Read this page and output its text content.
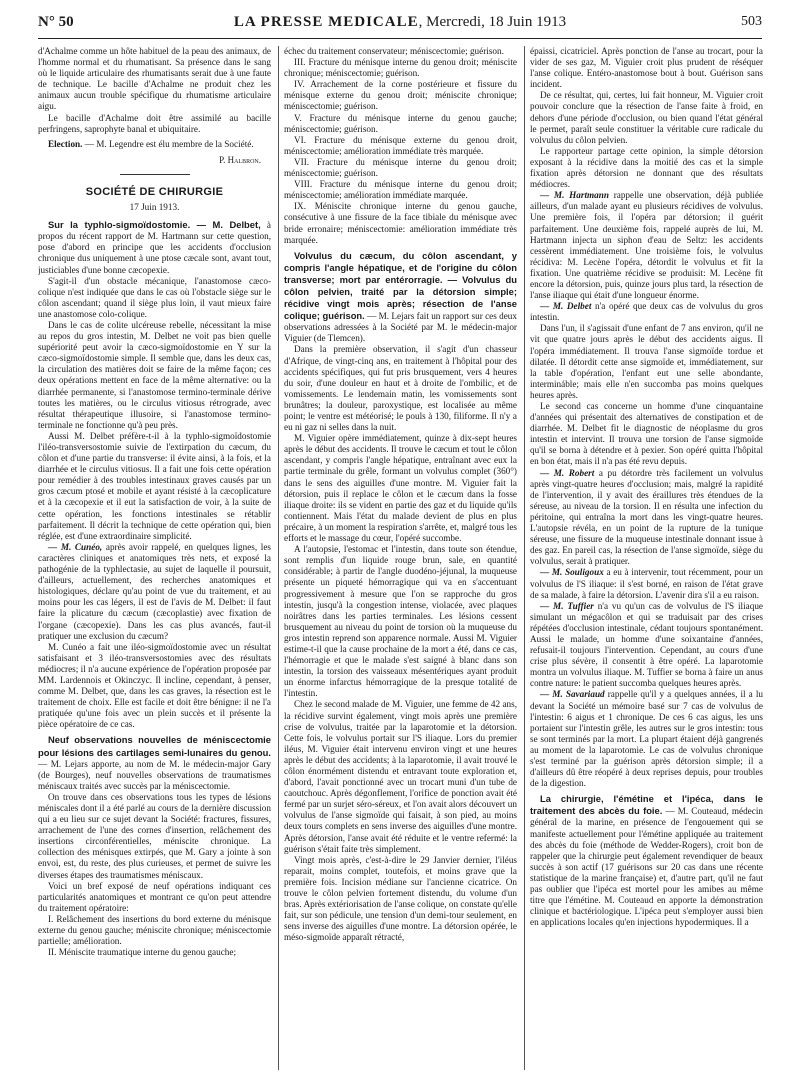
N° 50	LA PRESSE MEDICALE, Mercredi, 18 Juin 1913	503

d'Achalme comme un hôte habituel de la peau des animaux, de l'homme normal et du rhumatisant. Sa présence dans le sang où le liquide articulaire des rhumatisants serait due à une faute de technique. Le bacille d'Achalme ne produit chez les animaux aucun trouble spécifique du rhumatisme articulaire aigu.

Le bacille d'Achalme doit être assimilé au bacille perfringens, saprophyte banal et ubiquitaire.

Election. — M. Legendre est élu membre de la Société.

P. Halbron.
SOCIÉTÉ DE CHIRURGIE
17 Juin 1913.

Sur la typhlo-sigmoïdostomie. — M. Delbet, à propos du récent rapport de M. Hartmann sur cette question, pose d'abord en principe que les accidents d'occlusion chronique dus uniquement à une ptose cæcale sont, avant tout, justiciables d'une bonne cæcopexie.

S'agit-il d'un obstacle mécanique, l'anastomose cæco-colique n'est indiquée que dans le cas où l'obstacle siège sur le côlon ascendant; quand il siège plus loin, il vaut mieux faire une anastomose colo-colique.

Dans le cas de colite ulcéreuse rebelle, nécessitant la mise au repos du gros intestin, M. Delbet ne voit pas bien quelle supériorité peut avoir la cæco-sigmoïdostomie en Y sur la cæco-sigmoïdostomie simple. Il semble que, dans les deux cas, la circulation des matières doit se faire de la même façon; ces deux opérations mettent en face de la même alternative: ou la diarrhée permanente, si l'anastomose termino-terminale dérive toutes les matières, ou le circulus vitiosus rétrograde, avec résultat thérapeutique illusoire, si l'anastomose termino-terminale ne fonctionne qu'à peu près.

Aussi M. Delbet préfère-t-il à la typhlo-sigmoïdostomie l'iléo-transversostomie suivie de l'extirpation du cæcum, du côlon et d'une partie du transverse: il évite ainsi, à la fois, et la diarrhée et le circulus vitiosus. Il a fait une fois cette opération pour remédier à des troubles intestinaux graves causés par un gros cæcum ptosé et mobile et ayant résisté à la cæcoplicature et à la cæcopexie et il eut la satisfaction de voir, à la suite de cette opération, les fonctions intestinales se rétablir parfaitement. Il décrit la technique de cette opération qui, bien réglée, est d'une extraordinaire simplicité.

— M. Cunéo, après avoir rappelé, en quelques lignes, les caractères cliniques et anatomiques très nets, et exposé la pathogénie de la typhlectasie, au sujet de laquelle il poursuit, d'ailleurs, actuellement, des recherches anatomiques et histologiques, déclare qu'au point de vue du traitement, et au moins pour les cas légers, il est de l'avis de M. Delbet: il faut faire la plicature du cæcum (cæcoplastie) avec fixation de l'organe (cæcopexie). Dans les cas plus avancés, faut-il pratiquer une exclusion du cæcum?

M. Cunéo a fait une iléo-sigmoïdostomie avec un résultat satisfaisant et 3 iléo-transversostomies avec des résultats médiocres; il n'a aucune expérience de l'opération proposée par MM. Lardennois et Okinczyc. Il incline, cependant, à penser, comme M. Delbet, que, dans les cas graves, la résection est le traitement de choix. Elle est facile et doit être bénigne: il ne l'a pratiquée qu'une fois avec un plein succès et il présente la pièce opératoire de ce cas.

Neuf observations nouvelles de méniscectomie pour lésions des cartilages semi-lunaires du genou. — M. Lejars apporte, au nom de M. le médecin-major Gary (de Bourges), neuf nouvelles observations de traumatismes méniscaux traités avec succès par la méniscectomie.

On trouve dans ces observations tous les types de lésions méniscales dont il a été parlé au cours de la dernière discussion qui a eu lieu sur ce sujet devant la Société: fractures, fissures, arrachement de l'une des cornes d'insertion, relâchement des insertions circonférentielles, méniscite chronique. La collection des ménisques extirpés, que M. Gary a jointe à son envoi, est, du reste, des plus curieuses, et permet de suivre les diverses étapes des traumatismes méniscaux.

Voici un bref exposé de neuf opérations indiquant ces particularités anatomiques et montrant ce qu'on peut attendre du traitement opératoire:

I. Relâchement des insertions du bord externe du ménisque externe du genou gauche; méniscite chronique; méniscectomie partielle; amélioration.

II. Méniscite traumatique interne du genou gauche;

échec du traitement conservateur; méniscectomie; guérison.

III. Fracture du ménisque interne du genou droit; méniscite chronique; méniscectomie; guérison.

IV. Arrachement de la corne postérieure et fissure du ménisque externe du genou droit; méniscite chronique; méniscectomie; guérison.

V. Fracture du ménisque interne du genou gauche; méniscectomie; guérison.

VI. Fracture du ménisque externe du genou droit, méniscectomie; amélioration immédiate très marquée.

VII. Fracture du ménisque interne du genou droit; méniscectomie; guérison.

VIII. Fracture du ménisque interne du genou droit; méniscectomie; amélioration immédiate marquée.

IX. Méniscite chronique interne du genou gauche, consécutive à une fissure de la face tibiale du ménisque avec bride erronaire; méniscectomie: amélioration immédiate très marquée.

Volvulus du cæcum, du côlon ascendant, y compris l'angle hépatique, et de l'origine du côlon transverse; mort par entérorragie. — Volvulus du côlon pelvien, traité par la détorsion simple; récidive vingt mois après; résection de l'anse colique; guérison. — M. Lejars fait un rapport sur ces deux observations adressées à la Société par M. le médecin-major Viguier (de Tlemcen).

Dans la première observation, il s'agit d'un chasseur d'Afrique, de vingt-cinq ans, en traitement à l'hôpital pour des accidents spécifiques, qui fut pris brusquement, vers 4 heures du soir, d'une douleur en haut et à droite de l'ombilic, et de vomissements. Le lendemain matin, les vomissements sont brunâtres; la douleur, paroxystique, est localisée au même point; le ventre est météorisé; le pouls à 130, filiforme. Il n'y a eu ni gaz ni selles dans la nuit.

M. Viguier opère immédiatement, quinze à dix-sept heures après le début des accidents. Il trouve le cæcum et tout le côlon ascendant, y compris l'angle hépatique, entraînant avec eux la partie terminale du grêle, formant un volvulus complet (360°) dans le sens des aiguilles d'une montre. M. Viguier fait la détorsion, puis il replace le côlon et le cæcum dans la fosse iliaque droite: ils se vident en partie des gaz et du liquide qu'ils contiennent. Mais l'état du malade devient de plus en plus précaire, à un moment la respiration s'arrête, et, malgré tous les efforts et le massage du cœur, l'opéré succombe.

A l'autopsie, l'estomac et l'intestin, dans toute son étendue, sont remplis d'un liquide rouge brun, sale, en quantité considérable; à partir de l'angle duodéno-jéjunal, la muqueuse présente un piqueté hémorragique qui va en s'accentuant progressivement à mesure que l'on se rapproche du gros intestin, jusqu'à la congestion intense, violacée, avec plaques noirâtres dans les parties terminales. Les lésions cessent brusquement au niveau du point de torsion où la muqueuse du gros intestin reprend son apparence normale. Aussi M. Viguier estime-t-il que la cause prochaine de la mort a été, dans ce cas, l'hémorragie et que le malade s'est saigné à blanc dans son intestin, la torsion des vaisseaux mésentériques ayant produit un énorme infarctus hémorragique de la presque totalité de l'intestin.

Chez le second malade de M. Viguier, une femme de 42 ans, la récidive survint également, vingt mois après une première crise de volvulus, traitée par la laparotomie et la détorsion. Cette fois, le volvulus portait sur l'S iliaque. Lors du premier iléus, M. Viguier était intervenu environ vingt et une heures après le début des accidents; à la laparotomie, il avait trouvé le côlon énormément distendu et entravant toute exploration et, d'abord, l'avait ponctionné avec un trocart muni d'un tube de caoutchouc. Après dégonflement, l'orifice de ponction avait été fermé par un surjet séro-séreux, et l'on avait alors découvert un volvulus de l'anse sigmoïde qui faisait, à son pied, au moins deux tours complets en sens inverse des aiguilles d'une montre. Après détorsion, l'anse avait été réduite et le ventre refermé: la guérison s'était faite très simplement.

Vingt mois après, c'est-à-dire le 29 Janvier dernier, l'iléus reparait, moins complet, toutefois, et moins grave que la première fois. Incision médiane sur l'ancienne cicatrice. On trouve le côlon pelvien fortement distendu, du volume d'un bras. Après extériorisation de l'anse colique, on constate qu'elle fait, sur son pédicule, une tension d'un demi-tour seulement, en sens inverse des aiguilles d'une montre. La détorsion opérée, le méso-sigmoïde apparaît rétracté,

épaissi, cicatriciel. Après ponction de l'anse au trocart, pour la vider de ses gaz, M. Viguier croit plus prudent de réséquer l'anse colique. Entéro-anastomose bout à bout. Guérison sans incident.

De ce résultat, qui, certes, lui fait honneur, M. Viguier croit pouvoir conclure que la résection de l'anse faite à froid, en dehors d'une période d'occlusion, ou bien quand l'état général le permet, paraît seule constituer la véritable cure radicale du volvulus du côlon pelvien.

Le rapporteur partage cette opinion, la simple détorsion exposant à la récidive dans la moitié des cas et la simple fixation après détorsion ne donnant que des résultats médiocres.

— M. Hartmann rappelle une observation, déjà publiée ailleurs, d'un malade ayant eu plusieurs récidives de volvulus. Une première fois, il l'opéra par détorsion; il guérit parfaitement. Une deuxième fois, rappelé auprès de lui, M. Hartmann injecta un siphon d'eau de Seltz: les accidents cessèrent immédiatement. Une troisième fois, le volvulus récidiva: M. Lecène l'opéra, détordit le volvulus et fit la fixation. Une quatrième récidive se produisit: M. Lecène fit encore la détorsion, puis, quinze jours plus tard, la résection de l'anse iliaque qui était d'une longueur énorme.

— M. Delbet n'a opéré que deux cas de volvulus du gros intestin.

Dans l'un, il s'agissait d'une enfant de 7 ans environ, qu'il ne vit que quatre jours après le début des accidents aigus. Il l'opéra immédiatement. Il trouva l'anse sigmoïde tordue et dilatée. Il détordit cette anse sigmoïde et, immédiatement, sur la table d'opération, l'enfant eut une selle abondante, intermináble; mais elle n'en succomba pas moins quelques heures après.

Le second cas concerne un homme d'une cinquantaine d'années qui présentait des alternatives de constipation et de diarrhée. M. Delbet fit le diagnostic de néoplasme du gros intestin et intervint. Il trouva une torsion de l'anse sigmoïde qu'il se borna à détendre et à pexier. Son opéré quitta l'hôpital en bon état, mais il n'a pas été revu depuis.

— M. Robert a pu détordre très facilement un volvulus après vingt-quatre heures d'occlusion; mais, malgré la rapidité de l'intervention, il y avait des éraillures très étendues de la séreuse, au niveau de la torsion. Il en résulta une infection du péritoine, qui entraîna la mort dans les vingt-quatre heures. L'autopsie révéla, en un point de la rupture de la tunique séreuse, une fissure de la muqueuse intestinale donnant issue à des gaz. En pareil cas, la résection de l'anse sigmoïde, siège du volvulus, serait à pratiquer.

— M. Souligoux a eu à intervenir, tout récemment, pour un volvulus de l'S iliaque: il s'est borné, en raison de l'état grave de sa malade, à faire la détorsion. L'avenir dira s'il a eu raison.

— M. Tuffier n'a vu qu'un cas de volvulus de l'S iliaque simulant un mégacôlon et qui se traduisait par des crises répétées d'occlusion intestinale, cédant toujours spontanément. Aussi le malade, un homme d'une soixantaine d'années, refusait-il toujours l'intervention. Cependant, au cours d'une crise plus sévère, il consentit à être opéré. La laparotomie montra un volvulus iliaque. M. Tuffier se borna à faire un anus contre nature: le patient succomba quelques heures après.

— M. Savariaud rappelle qu'il y a quelques années, il a lu devant la Société un mémoire basé sur 7 cas de volvulus de l'intestin: 6 aigus et 1 chronique. De ces 6 cas aigus, les uns portaient sur l'intestin grêle, les autres sur le gros intestin: tous se sont terminés par la mort. La plupart étaient déjà gangrenés au moment de la laparotomie. Le cas de volvulus chronique s'est terminé par la guérison après détorsion simple; il a d'ailleurs dû être réopéré à deux reprises depuis, pour troubles de la digestion.

La chirurgie, l'émétine et l'ipéca, dans le traitement des abcès du foie. — M. Couteaud, médecin général de la marine, en présence de l'engouement qui se manifeste actuellement pour l'émétine appliquée au traitement des abcès du foie (méthode de Wedder-Rogers), croit bon de rappeler que la chirurgie peut également revendiquer de beaux succès à son actif (17 guérisons sur 20 cas dans une récente statistique de la marine française) et, d'autre part, qu'il ne faut pas oublier que l'ipéca est mortel pour les amibes au même titre que l'émétine. M. Couteaud en apporte la démonstration clinique et bactériologique. L'ipéca peut s'employer aussi bien en applications locales qu'en injections hypodermiques. Il a
